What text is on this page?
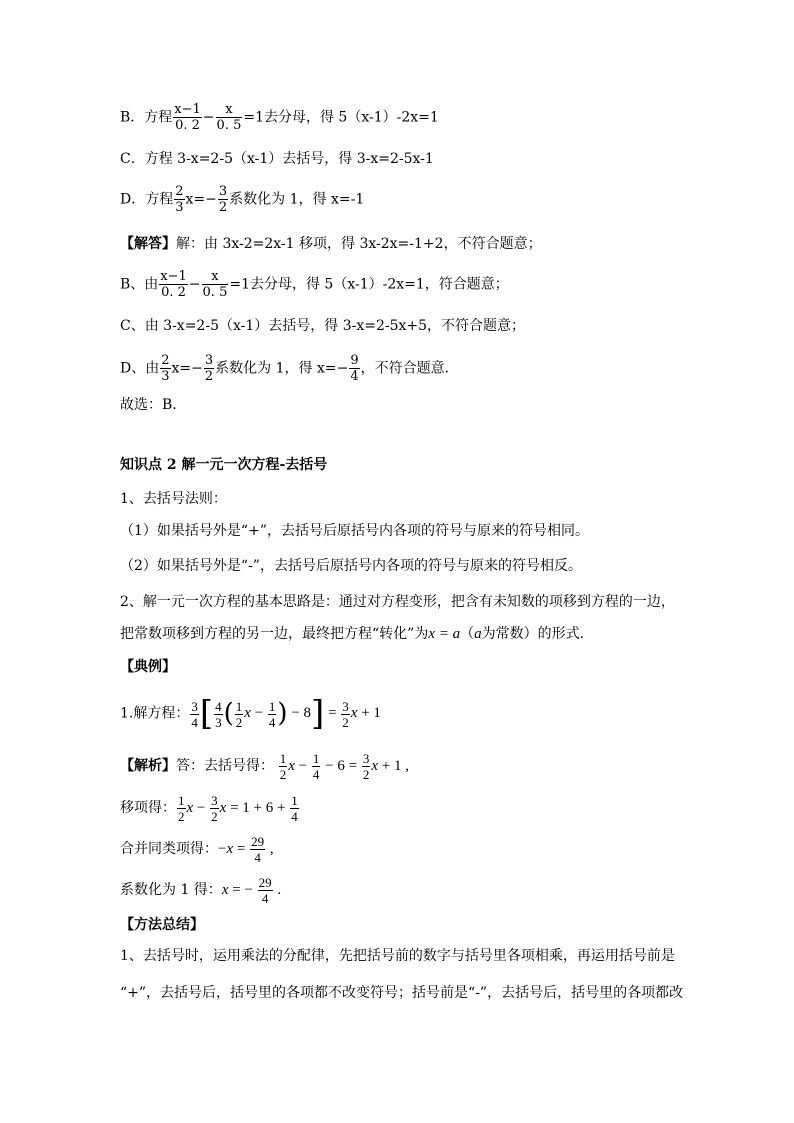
B．方程 $\frac{x-1}{0. 2} - \frac{x}{0. 5} =1$去分母，得 5（x-1）-2x=1
C．方程 3-x=2-5（x-1）去括号，得 3-x=2-5x-1
D．方程 $\frac{2}{3} x=- \frac{3}{2}$ 系数化为 1，得 x=-1
【解答】解：由 3x-2=2x-1 移项，得 3x-2x=-1+2，不符合题意；
B、由 $\frac{x-1}{0. 2} - \frac{x}{0. 5} =1$去分母，得 5（x-1）-2x=1，符合题意；
C、由 3-x=2-5（x-1）去括号，得 3-x=2-5x+5，不符合题意；
D、由 $\frac{2}{3} x=- \frac{3}{2}$ 系数化为 1，得 $x=- \frac{9}{4}$ ，不符合题意．
故选：B．
知识点 2 解一元一次方程-去括号
1、去括号法则：
（1）如果括号外是“+”，去括号后原括号内各项的符号与原来的符号相同。
（2）如果括号外是“-”，去括号后原括号内各项的符号与原来的符号相反。
2、解一元一次方程的基本思路是：通过对方程变形，把含有未知数的项移到方程的一边，
把常数项移到方程的另一边，最终把方程“转化”为x = a（a为常数）的形式．
【典例】
1.解方程： $\frac{3}{4}$ [ $\frac{4}{3}$ ( $\frac{1}{2}$ $x - \frac{1}{4}$ ) − $8] = \frac{3}{2}$ x + 1
【解析】答：去括号得： $\frac{1}{2}$ $x - \frac{1}{4} - 6 = \frac{3}{2}$ x + 1 ,
移项得： $\frac{1}{2}$ $x - \frac{3}{2}$ $x = 1 + 6 + \frac{1}{4}$
合并同类项得：$-x = \frac{29}{4}$ ,
系数化为 1 得：x = − $\frac{29}{4}$ .
【方法总结】
1、去括号时，运用乘法的分配律，先把括号前的数字与括号里各项相乘，再运用括号前是
“+”，去括号后，括号里的各项都不改变符号；括号前是“-”，去括号后，括号里的各项都改
